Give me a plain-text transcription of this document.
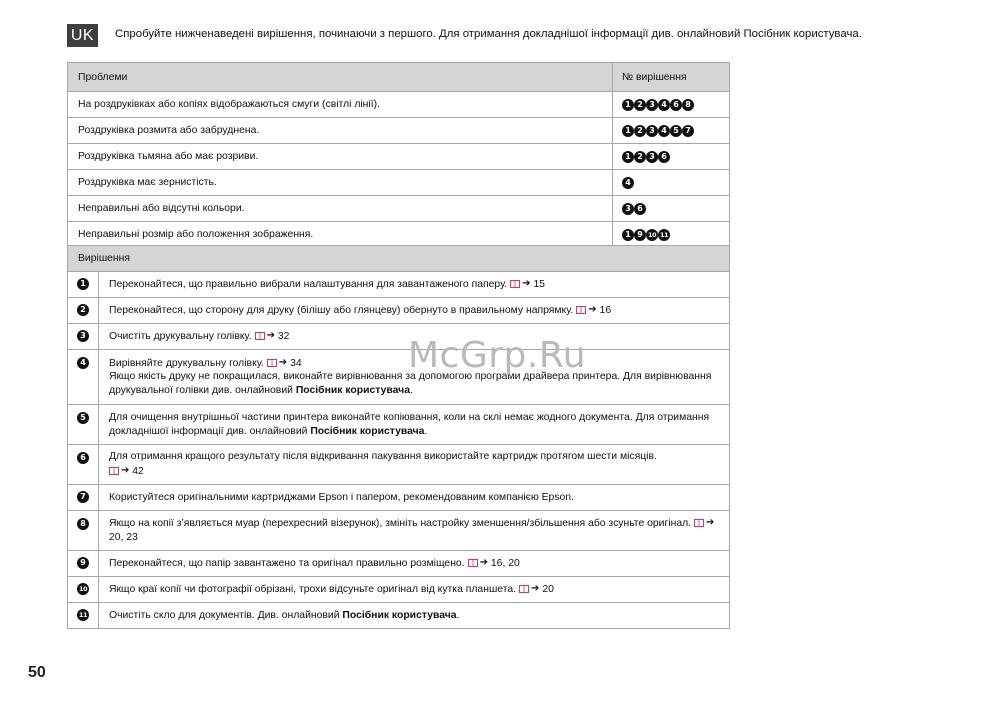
UK	Спробуйте нижченаведені вирішення, починаючи з першого. Для отримання докладнішої інформації див. онлайновий Посібник користувача.
Проблеми	№ вирішення
На роздруківках або копіях відображаються смуги (світлі лінії).	1 2 3 4 6 8
Роздруківка розмита або забруднена.	1 2 3 4 5 7
Роздруківка тьмяна або має розриви.	1 2 3 6
Роздруківка має зернистість.	4
Неправильні або відсутні кольори.	3 6
Неправильні розмір або положення зображення.	1 9 10 11
Вирішення	
1	Переконайтеся, що правильно вибрали налаштування для завантаженого паперу. ➔ 15
2	Переконайтеся, що сторону для друку (білішу або глянцеву) обернуто в правильному напрямку. ➔ 16
3	Очистіть друкувальну голівку. ➔ 32
4	Вирівняйте друкувальну голівку. ➔ 34
Якщо якість друку не покращилася, виконайте вирівнювання за допомогою програми драйвера принтера. Для вирівнювання друкувальної голівки див. онлайновий Посібник користувача.
5	Для очищення внутрішньої частини принтера виконайте копіювання, коли на склі немає жодного документа. Для отримання докладнішої інформації див. онлайновий Посібник користувача.
6	Для отримання кращого результату після відкривання пакування використайте картридж протягом шести місяців.
➔ 42
7	Користуйтеся оригінальними картриджами Epson і папером, рекомендованим компанією Epson.
8	Якщо на копії з’являється муар (перехресний візерунок), змініть настройку зменшення/збільшення або зсуньте оригінал. ➔ 20, 23
9	Переконайтеся, що папір завантажено та оригінал правильно розміщено. ➔ 16, 20
10	Якщо краї копії чи фотографії обрізані, трохи відсуньте оригінал від кутка планшета. ➔ 20
11	Очистіть скло для документів. Див. онлайновий Посібник користувача.
McGrp.Ru
50
